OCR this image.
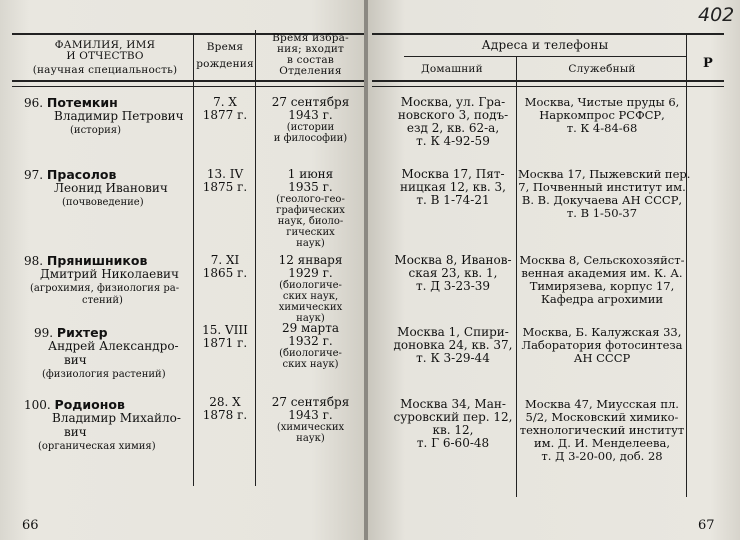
ФАМИЛИЯ, ИМЯ
И ОТЧЕСТВО
(научная специальность)
Время
рождения
Время избра-
ния; входит
в состав
Отделения
96. Потемкин
Владимир Петрович
(история)
7. X
1877 г.
27 сентября
1943 г.
(истории
и философии)
97. Прасолов
Леонид Иванович
(почвоведение)
13. IV
1875 г.
1 июня
1935 г.
(геолого-гео-
графических
наук, биоло-
гических
наук)
98. Прянишников
Дмитрий Николаевич
(агрохимия, физиология ра-
стений)
7. XI
1865 г.
12 января
1929 г.
(биологиче-
ских наук,
химических
наук)
99. Рихтер
Андрей Александро-
вич
(физиология растений)
15. VIII
1871 г.
29 марта
1932 г.
(биологиче-
ских наук)
100. Родионов
Владимир Михайло-
вич
(органическая химия)
28. X
1878 г.
27 сентября
1943 г.
(химических
наук)
66
402
Адреса и телефоны
Домашний	Служебный	Р
Москва, ул. Гра-
новского 3, подъ-
езд 2, кв. 62-а,
т. К 4-92-59
Москва 17, Пят-
ницкая 12, кв. 3,
т. В 1-74-21
Москва 8, Иванов-
ская 23, кв. 1,
т. Д 3-23-39
Москва 1, Спири-
доновка 24, кв. 37,
т. К 3-29-44
Москва 34, Ман-
суровский пер. 12,
кв. 12,
т. Г 6-60-48
Москва, Чистые пруды 6,
Наркомпрос РСФСР,
т. К 4-84-68
Москва 17, Пыжевский пер.
7, Почвенный институт им.
В. В. Докучаева АН СССР,
т. В 1-50-37
Москва 8, Сельскохозяйст-
венная академия им. К. А.
Тимирязева, корпус 17,
Кафедра агрохимии
Москва, Б. Калужская 33,
Лаборатория фотосинтеза
АН СССР
Москва 47, Миусская пл.
5/2, Московский химико-
технологический институт
им. Д. И. Менделеева,
т. Д 3-20-00, доб. 28
67
